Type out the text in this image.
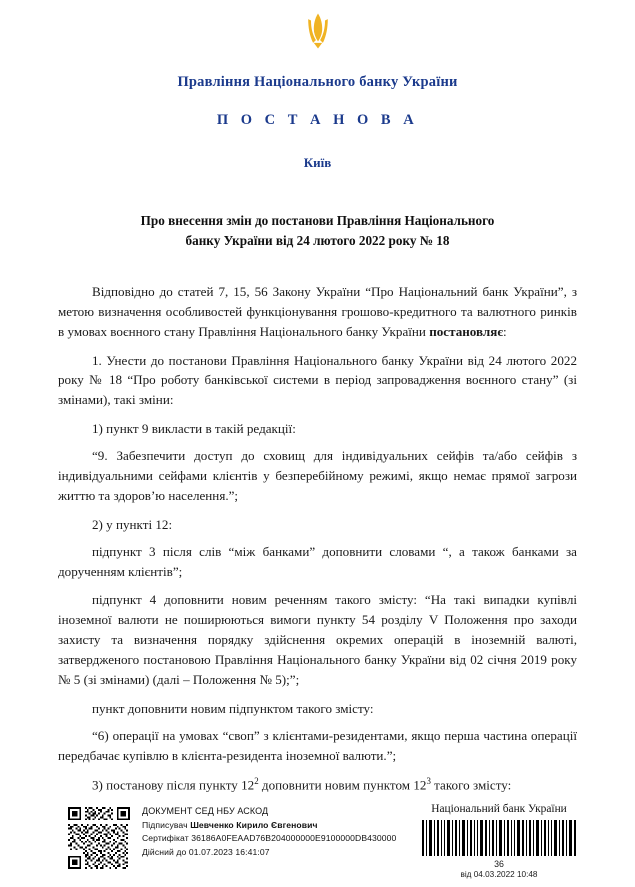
Правління Національного банку України
П О С Т А Н О В А
Київ
Про внесення змін до постанови Правління Національного
банку України від 24 лютого 2022 року № 18

Відповідно до статей 7, 15, 56 Закону України “Про Національний банк України”, з метою визначення особливостей функціонування грошово-кредитного та валютного ринків в умовах воєнного стану Правління Національного банку України постановляє:

1. Унести до постанови Правління Національного банку України від 24 лютого 2022 року № 18 “Про роботу банківської системи в період запровадження воєнного стану” (зі змінами), такі зміни:

1) пункт 9 викласти в такій редакції:

“9. Забезпечити доступ до сховищ для індивідуальних сейфів та/або сейфів з індивідуальними сейфами клієнтів у безперебійному режимі, якщо немає прямої загрози життю та здоров’ю населення.”;

2) у пункті 12:

підпункт 3 після слів “між банками” доповнити словами “, а також банками за дорученням клієнтів”;

підпункт 4 доповнити новим реченням такого змісту: “На такі випадки купівлі іноземної валюти не поширюються вимоги пункту 54 розділу V Положення про заходи захисту та визначення порядку здійснення окремих операцій в іноземній валюті, затвердженого постановою Правління Національного банку України від 02 січня 2019 року № 5 (зі змінами) (далі – Положення № 5);”;

пункт доповнити новим підпунктом такого змісту:

“6) операції на умовах “своп” з клієнтами-резидентами, якщо перша частина операції передбачає купівлю в клієнта-резидента іноземної валюти.”;

3) постанову після пункту $12^2$ доповнити новим пунктом $12^3$ такого змісту:

ДОКУМЕНТ СЕД НБУ АСКОД
Підписувач Шевченко Кирило Євгенович
Сертифікат 36186A0FEAAD76B204000000E9100000DB430000
Дійсний до 01.07.2023 16:41:07
Національний банк України
36
від 04.03.2022 10:48
